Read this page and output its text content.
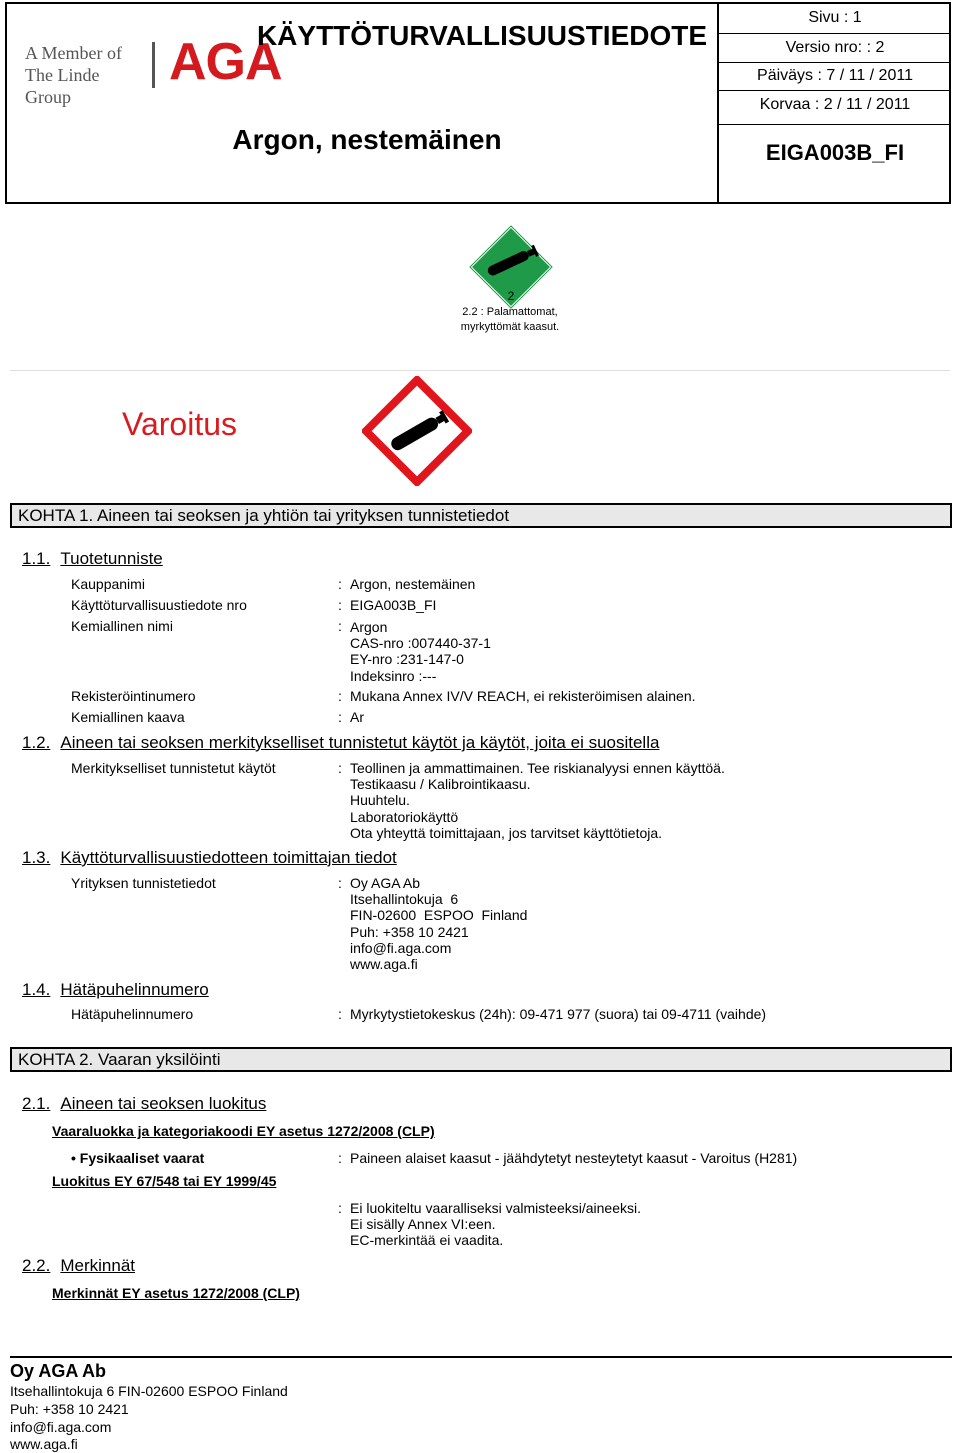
A Member of
The Linde Group
AGA
KÄYTTÖTURVALLISUUSTIEDOTE
Argon, nestemäinen
Sivu : 1
Versio nro: : 2
Päiväys : 7 / 11 / 2011
Korvaa : 2 / 11 / 2011
EIGA003B_FI
2
2.2 : Palamattomat,
myrkyttömät kaasut.
Varoitus
KOHTA 1. Aineen tai seoksen ja yhtiön tai yrityksen tunnistetiedot
1.1. Tuotetunniste
Kauppanimi	: Argon, nestemäinen
Käyttöturvallisuustiedote nro	: EIGA003B_FI
Kemiallinen nimi	: Argon
CAS-nro :007440-37-1
EY-nro :231-147-0
Indeksinro :---
Rekisteröintinumero	: Mukana Annex IV/V REACH, ei rekisteröimisen alainen.
Kemiallinen kaava	: Ar
1.2. Aineen tai seoksen merkitykselliset tunnistetut käytöt ja käytöt, joita ei suositella
Merkitykselliset tunnistetut käytöt	: Teollinen ja ammattimainen. Tee riskianalyysi ennen käyttöä.
Testikaasu / Kalibrointikaasu.
Huuhtelu.
Laboratoriokäyttö
Ota yhteyttä toimittajaan, jos tarvitset käyttötietoja.
1.3. Käyttöturvallisuustiedotteen toimittajan tiedot
Yrityksen tunnistetiedot	: Oy AGA Ab
Itsehallintokuja  6
FIN-02600  ESPOO  Finland
Puh: +358 10 2421
info@fi.aga.com
www.aga.fi
1.4. Hätäpuhelinnumero
Hätäpuhelinnumero	: Myrkytystietokeskus (24h): 09-471 977 (suora) tai 09-4711 (vaihde)
KOHTA 2. Vaaran yksilöinti
2.1. Aineen tai seoksen luokitus
Vaaraluokka ja kategoriakoodi EY asetus 1272/2008 (CLP)
• Fysikaaliset vaarat	: Paineen alaiset kaasut - jäähdytetyt nesteytetyt kaasut - Varoitus (H281)
Luokitus EY 67/548 tai EY 1999/45
: Ei luokiteltu vaaralliseksi valmisteeksi/aineeksi.
Ei sisälly Annex VI:een.
EC-merkintää ei vaadita.
2.2. Merkinnät
Merkinnät EY asetus 1272/2008 (CLP)
Oy AGA Ab
Itsehallintokuja 6 FIN-02600 ESPOO Finland
Puh: +358 10 2421
info@fi.aga.com
www.aga.fi
